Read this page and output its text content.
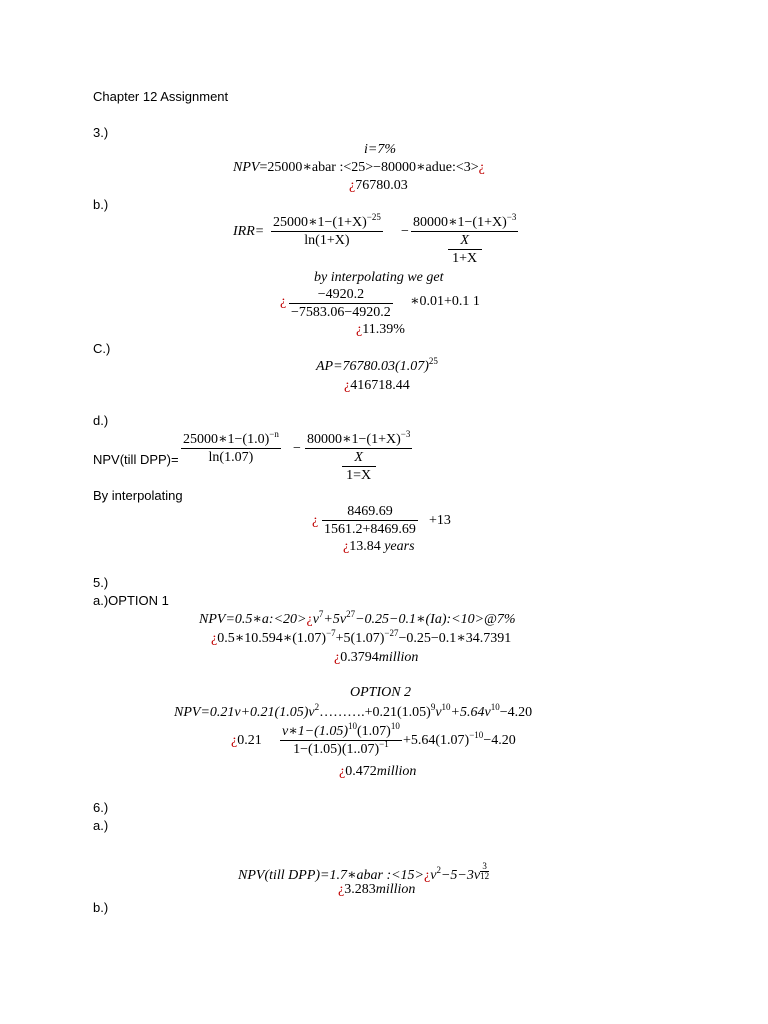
Chapter 12 Assignment
3.)
i=7%
NPV=25000∗abar :<25>−80000∗adue:<3>¿
¿76780.03
b.)
IRR=
$25000∗1-(1+X)^{-25}$
ln(1+X)
−
$80000∗1-(1+X)^{-3}$
X
1+X
by interpolating we get
¿ −4920.2
−7583.06−4920.2
∗0.01+0.1 1
¿11.39%
C.)
$AP=76780.03(1.07)^{25}$
¿416718.44
d.)
NPV(till DPP)=
$25000∗1-(1.0)^{-n}$
ln(1.07)
−
$80000∗1-(1+X)^{-3}$
X
1=X
By interpolating
¿
8469.69
1561.2+8469.69
+13
¿13.84 years
5.)
a.)OPTION 1
$NPV=0.5∗a:<20>¿v^7+5v^{27}-0.25-0.1∗(Ia):<10>@7\%$
¿$0.5∗10.594∗(1.07)^{-7}+5(1.07)^{-27}-0.25-0.1∗34.7391$
¿0.3794million
OPTION 2
$NPV=0.21v+0.21(1.05)v^2\dots\dots\dots.+0.21(1.05)^9v^{10}+5.64v^{10}-4.20$
¿0.21
$v∗1-(1.05)^{10}(1.07)^{10}$
$1-(1.05)(1..07)^{-1} +5.64(1.07)^{-10}-4.20$
¿0.472million
6.)
a.)
NPV(till DPP)=1.7∗abar $:<15>¿v^2-5-3v \frac{3}{12}$
¿3.283million
b.)
